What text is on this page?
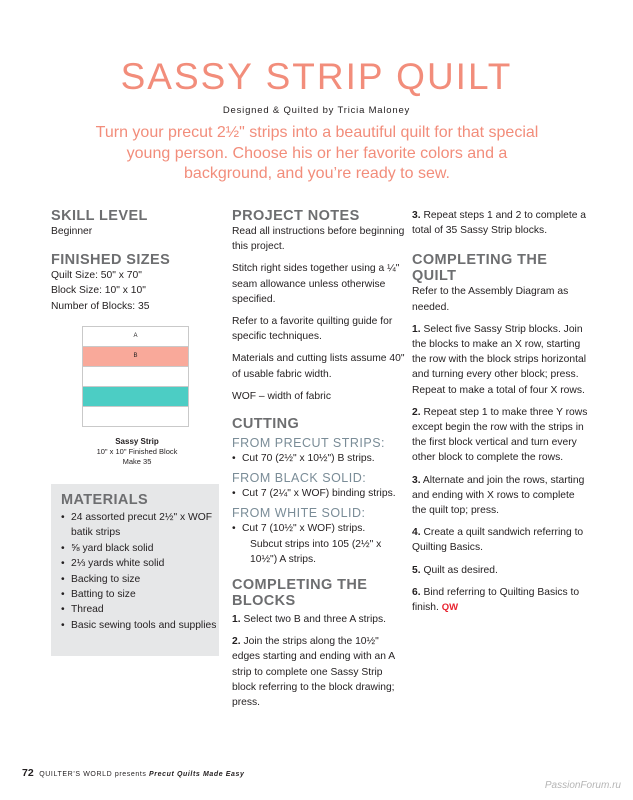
SASSY STRIP QUILT
Designed & Quilted by Tricia Maloney

Turn your precut 2½" strips into a beautiful quilt for that special young person. Choose his or her favorite colors and a background, and you’re ready to sew.

SKILL LEVEL
Beginner
FINISHED SIZES
Quilt Size: 50" x 70"
Block Size: 10" x 10"
Number of Blocks: 35
A
B
Sassy Strip
10" x 10" Finished Block
Make 35
MATERIALS
• 24 assorted precut 2½" x WOF batik strips
• ⅝ yard black solid
• 2⅓ yards white solid
• Backing to size
• Batting to size
• Thread
• Basic sewing tools and supplies
PROJECT NOTES

Read all instructions before beginning this project.

Stitch right sides together using a ¼" seam allowance unless otherwise specified.

Refer to a favorite quilting guide for specific techniques.

Materials and cutting lists assume 40" of usable fabric width.

WOF – width of fabric

CUTTING
FROM PRECUT STRIPS:
• Cut 70 (2½" x 10½") B strips.
FROM BLACK SOLID:
• Cut 7 (2¼" x WOF) binding strips.
FROM WHITE SOLID:
• Cut 7 (10½" x WOF) strips.
Subcut strips into 105 (2½" x 10½") A strips.
COMPLETING THE BLOCKS

1. Select two B and three A strips.

2. Join the strips along the 10½" edges starting and ending with an A strip to complete one Sassy Strip block referring to the block drawing; press.

3. Repeat steps 1 and 2 to complete a total of 35 Sassy Strip blocks.

COMPLETING THE QUILT

Refer to the Assembly Diagram as needed.

1. Select five Sassy Strip blocks. Join the blocks to make an X row, starting the row with the block strips horizontal and turning every other block; press. Repeat to make a total of four X rows.

2. Repeat step 1 to make three Y rows except begin the row with the strips in the first block vertical and turn every other block to complete the rows.

3. Alternate and join the rows, starting and ending with X rows to complete the quilt top; press.

4. Create a quilt sandwich referring to Quilting Basics.

5. Quilt as desired.

6. Bind referring to Quilting Basics to finish. QW

72 QUILTER’S WORLD presents Precut Quilts Made Easy
PassionForum.ru
